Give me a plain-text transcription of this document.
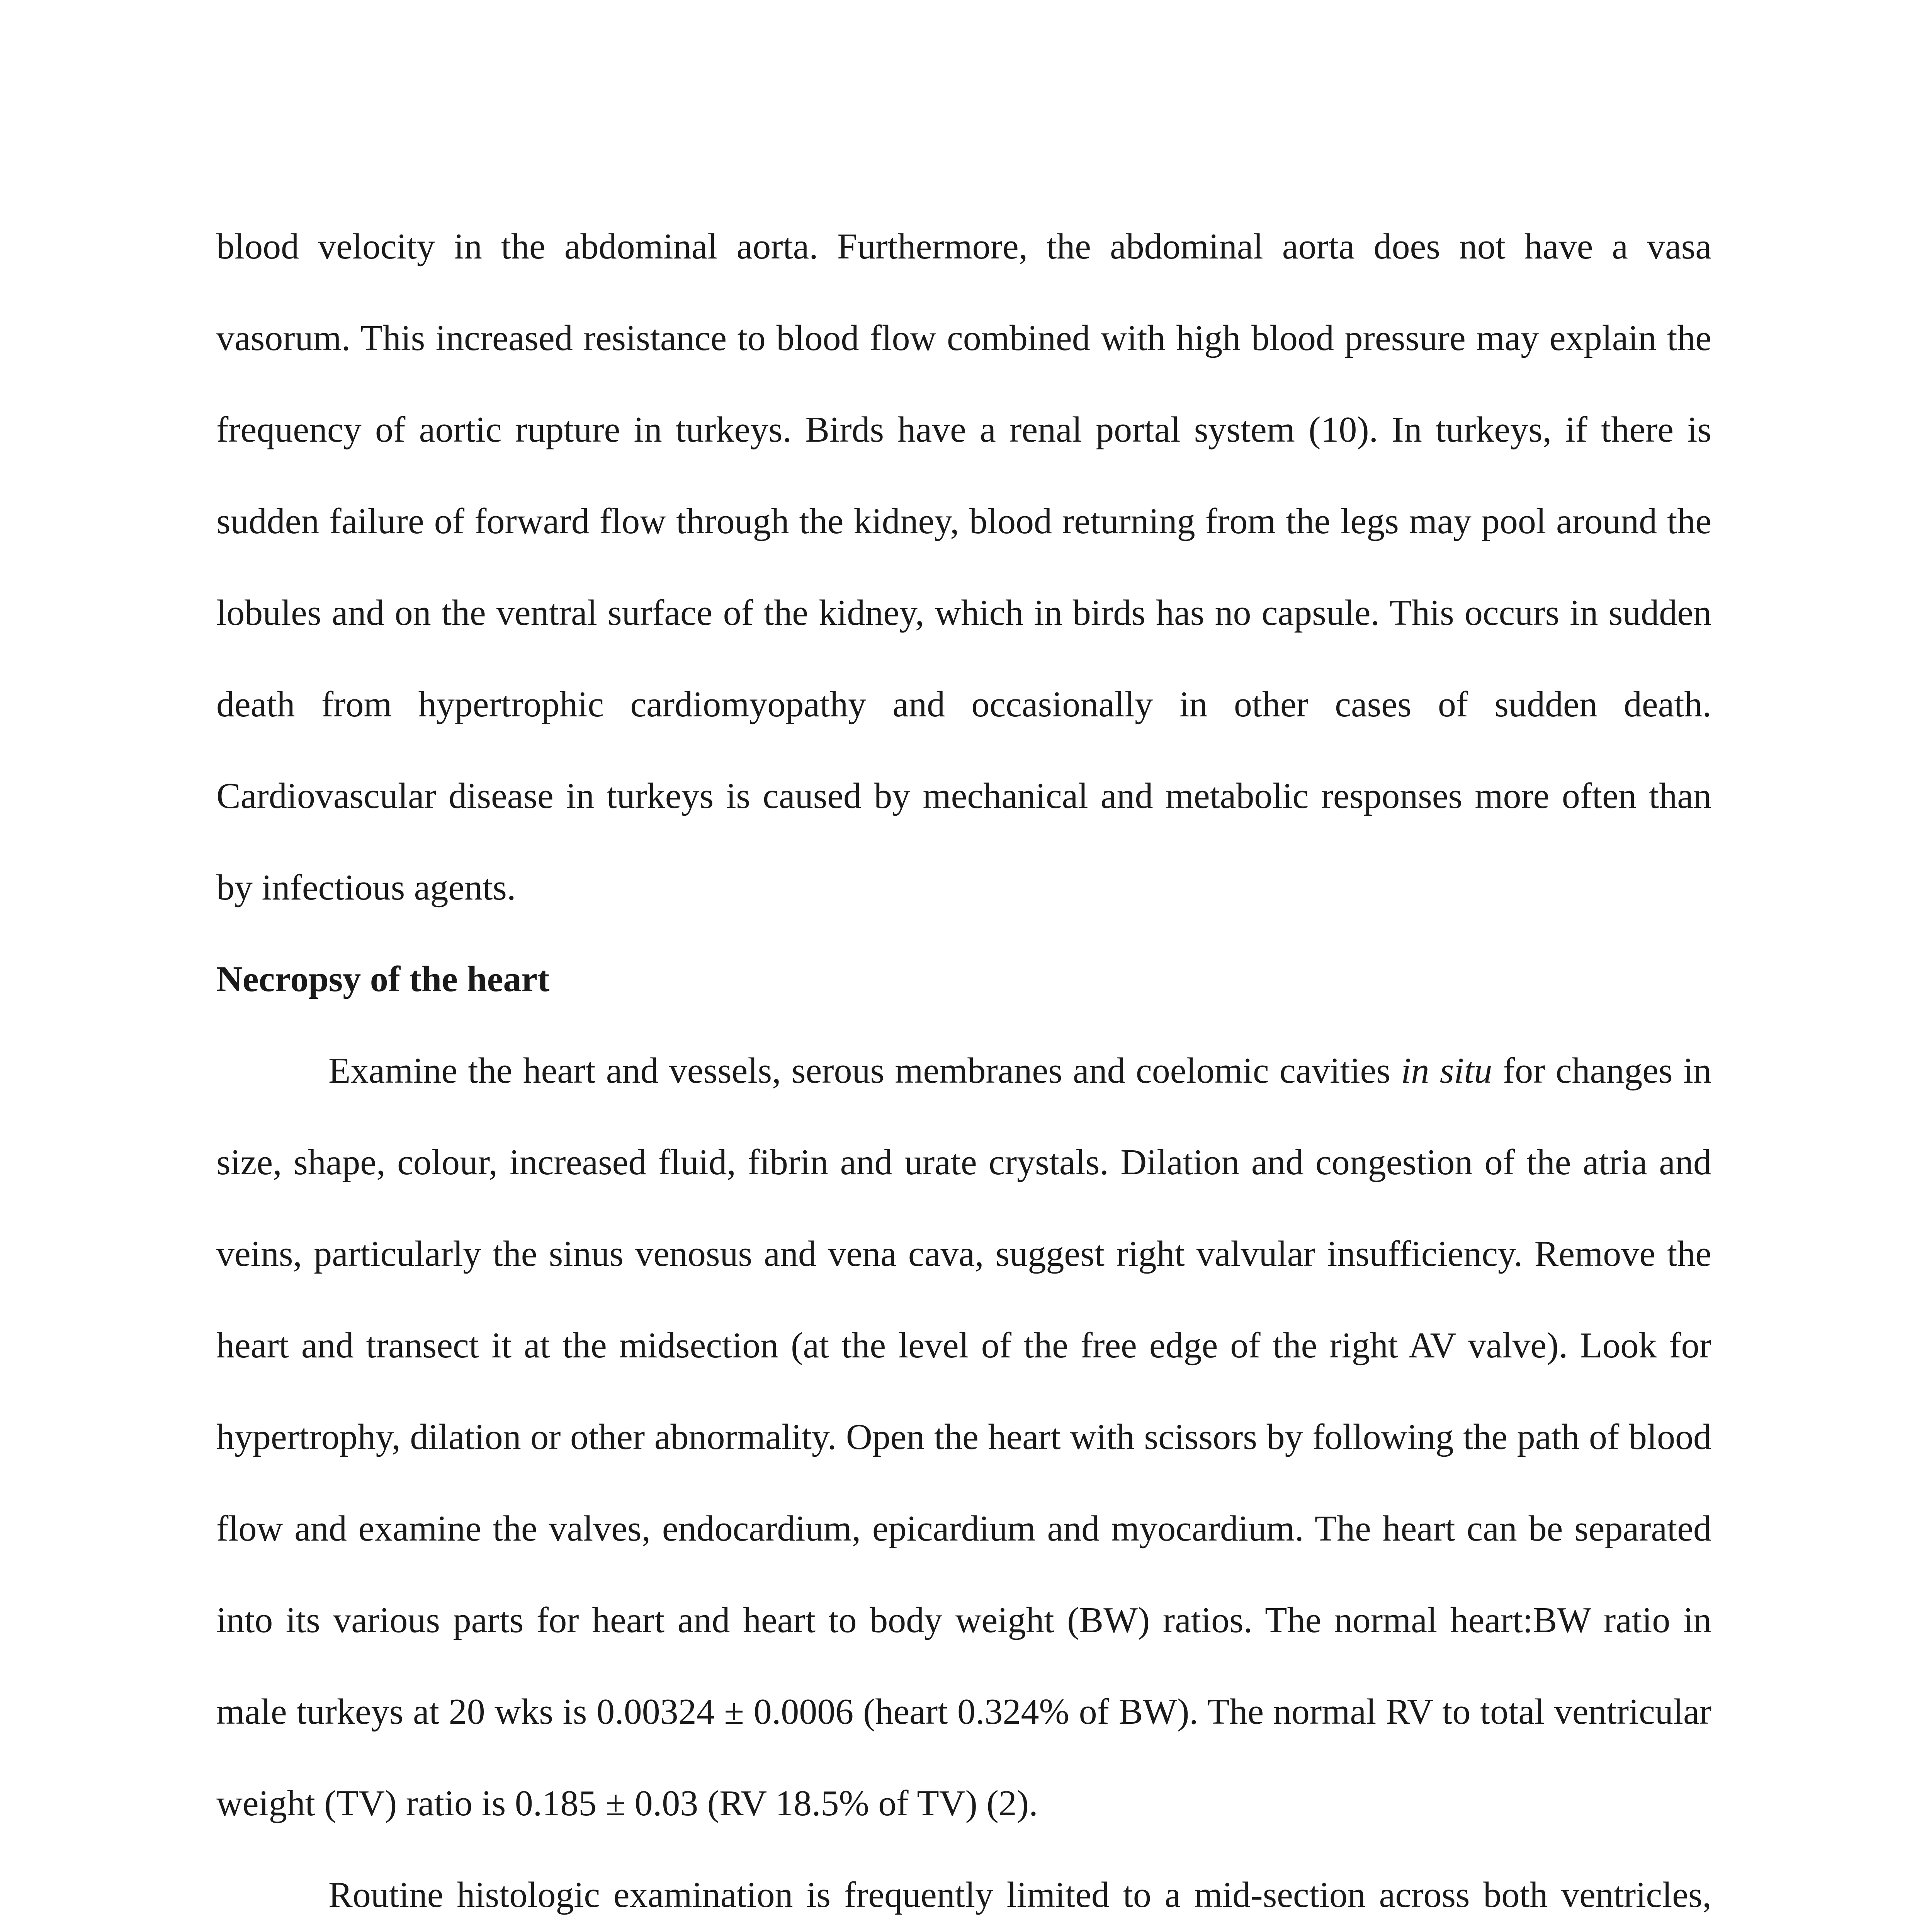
blood velocity in the abdominal aorta. Furthermore, the abdominal aorta does not have a vasa vasorum. This increased resistance to blood flow combined with high blood pressure may explain the frequency of aortic rupture in turkeys. Birds have a renal portal system (10). In turkeys, if there is sudden failure of forward flow through the kidney, blood returning from the legs may pool around the lobules and on the ventral surface of the kidney, which in birds has no capsule. This occurs in sudden death from hypertrophic cardiomyopathy and occasionally in other cases of sudden death. Cardiovascular disease in turkeys is caused by mechanical and metabolic responses more often than by infectious agents.

Necropsy of the heart

Examine the heart and vessels, serous membranes and coelomic cavities in situ for changes in size, shape, colour, increased fluid, fibrin and urate crystals. Dilation and congestion of the atria and veins, particularly the sinus venosus and vena cava, suggest right valvular insufficiency. Remove the heart and transect it at the midsection (at the level of the free edge of the right AV valve). Look for hypertrophy, dilation or other abnormality. Open the heart with scissors by following the path of blood flow and examine the valves, endocardium, epicardium and myocardium. The heart can be separated into its various parts for heart and heart to body weight (BW) ratios. The normal heart:BW ratio in male turkeys at 20 wks is 0.00324 ± 0.0006 (heart 0.324% of BW). The normal RV to total ventricular weight (TV) ratio is 0.185 ± 0.03 (RV 18.5% of TV) (2).

Routine histologic examination is frequently limited to a mid-section across both ventricles,
